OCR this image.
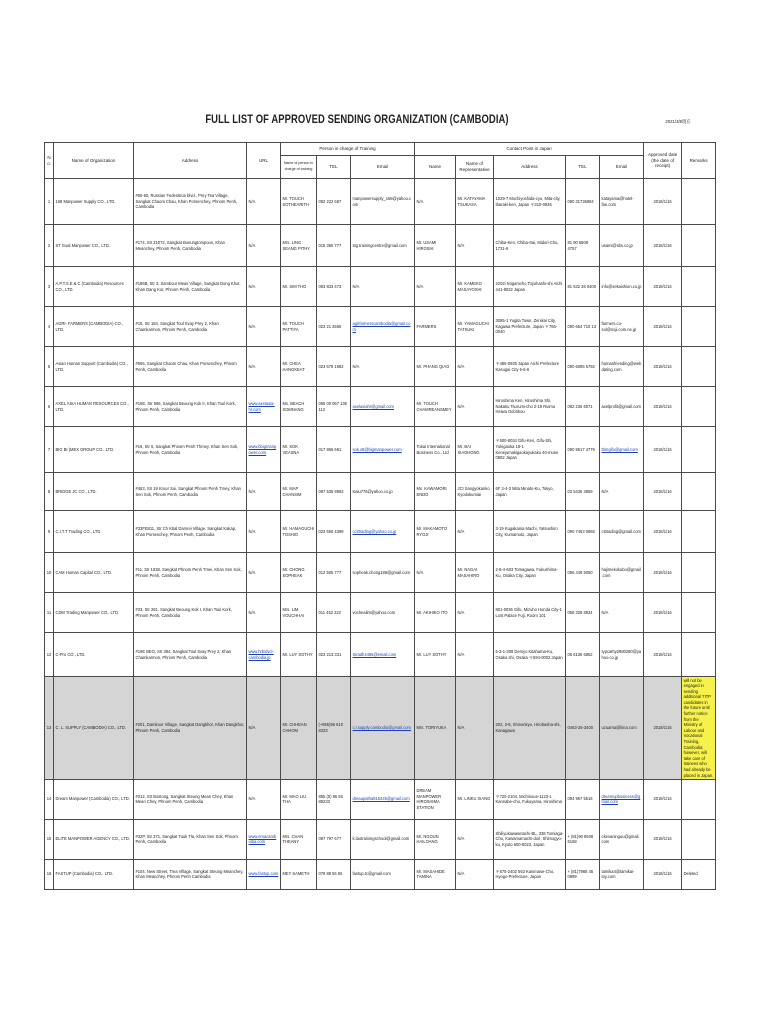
FULL LIST OF APPROVED SENDING ORGANIZATION (CAMBODIA)	2021/3/9現在
No.	Name of Organization	Address	URL	Person in charge of Training			Contact Point in Japan					Approved date (the date of receipt)	Remarks
				Name of person in charge of training	TEL	Email	Name	Name of Representative	Address	TEL	Email		

1	168 Manpower Supply CO., LTD.	#50-60, Russian Federation blvd., Prey Tea Village, Sangkat Chaom Chau, Khan Porsenchey, Phnom Penh, Cambodia	N/A	Mr. TOUCH SOTHEARITH	092 222 687	manpowersupply_168@yahoo.com	N/A	Mr. KATAYAMA TSUKASA	1029-7 Mochiyoshida-cyo, Mita-city, Ibaraki-ken, Japan 〒310-0836	080 31736884	katayama@hotel-fan.com	2018/1/16	
2	ST Goal Manpower CO., LTD.	#174, Str 21072, Sangkat Boeungtompoun, Khan Meanchey, Phnom Penh, Cambodia	N/A	Mrs. LING SEANG PITHY	015 365 777	stg.trainingcentre@gmail.com	Mr. USAMI HIROSHI	N/A	Chiba-Ken, Chiba-Sai, Midori-Chu, 1731-6	81 90 5808 4757	usami@sbs.co.jp	2018/1/16	
3	A.P.T.S.E & C (Cambodia) Resources CO., LTD.	#186B, Str 3, Sambour Meas Village, Sangkat Dong Khor, Khan Dang Kor, Phnom Penh, Cambodia	N/A	Mr. SIM THO	093 833 473	N/A	N/A	Mr. KAMEKO MASAYOSHI	2202i Nogamcho Toyohashi-shi Aichi 441-8022 Japan	81 532 36 0400	info@sekaishion.co.jp	2018/1/16	
4	AGRI- FARMERS (CAMBODIA) CO., LTD.	#15, Str 184, Sangkat Toul Svay Prey 2, Khan Chamkarmon, Phnom Penh, Cambodia	N/A	Mr. TOUCH PATTIYA	023 21 2566	agrifarmerscambodia@gmail.com	FARMERS	Mr. YAMAGUCHI TATSUKI	3085-1 Yugita Town, Zenikai City, Kagawa Prefecture, Japan 〒765-0040	090 664 710 13	farmers.co-sol@noji.com.ne.jp	2018/1/16	
5	Asian Human Support (Cambodia) CO., LTD.	#555, Sangkat Chaom Chau, Khan Porsenchey, Phnom Penh, Cambodia	N/A	Mr. CHEA HANGKEAT	023 678 1982	N/A	Mr. PHANG QIAO	N/A	〒486-0935 Japan Aichi Prefecture Kasugai City 6-6-6	090 6095 5792	humanfriending@webdating.com	2018/1/16	
6	AXEL ASIA HUMAN RESOURCES CO., LTD.	#16E, Str 596, Sangkat Beoung Kok II, Khan Toul Kork, Phnom Penh, Cambodia	www.axelasia-hr.com	Ms. BEACH SOMNANG	055 00 067 136 112	axelasiahr@gmail.com	Mr. TOUCH CHAMREANSMEY	N/A	Hiroshima Ken, Hiroshima Shi, Nakaku Tsurumi-cho 2-19 Ruimu Heiwa Odorikou	082 236 6071	axelprofit@gmail.com	2018/1/16	
7	BIG BI (MEX GROUP CO., LTD.	#16, Str 6, Sangkat Phnom Penh Thmey, Khan Sen Sok, Phnom Penh, Cambodia	www.bbigmanpower.com	Mr. SOK VEASNA	017 866 681	sok.v8@bigmanpower.com	Tokai International Business Co., Ltd	Mr. BAI XIAOHONG	〒500-8034 Gifu-Ken, Gifu-Shi, Yukigaoka 18-1 Kenejumakigaokayukaku 40-mune 0882 Japan	090 9617 4779	tbmgifu@gmail.com	2018/1/16	
8	BRIDGE JC CO., LTD.	#463, Str 19 Krour Sui, Sangkat Phnom Penh Tmey, Khan Sen Sok, Phnom Penh, Cambodia	N/A	Mr. MAP CHANSIM	097 535 9992	Kaiu776@yahoo.co.jp	Ms. KAWAMORI ENDO	JCI Sangyokanko Kyodokumiai	6F 3-4-3 Mita Minato-Ku, Tokyo, Japan	03 5436 3859	N/A	2018/1/16	
9	C.I.T.T Trading CO., LTD.	#33FE811, Str Ch Kbal Damrei Village, Sangkat Kakap, Khan Porsenchey, Phnom Penh, Cambodia	N/A	Mr. HAMAGUCHI TOSHIO	023 650 4398	ccittrading@yahoo.co.jp	Mr. MAKAMOTO RYOJI	N/A	3-19 Kugakama Machi, Yatsushiro City, Kumamoto, Japan	090 7463 0866	cittrading@gmail.com	2018/1/16	
10	CAM Human Capital CO., LTD.	#11, Str 1838, Sangkat Phnom Penh Tmei, Khan Sen Sok, Phnom Penh, Cambodia	N/A	Mr. CHONG SOPHEAK	012 505 777	sopheak.chong188@gmail.com	N/A	Mr. NAGAI MASAHIRO	2-8-4-603 Tomagawa, Fukushima-Ku, Osaka City, Japan	086 449 5050	hajimekokubo@gmail.com	2018/1/16	
11	CDM Trading Manpower CO., LTD.	#33, Str 281, Sangkat Beoung Kok I, Khan Toul Kork, Phnom Penh, Cambodia	N/A	Mrs. LIM VOUCHHAI	011 452 222	vochealim@yahoo.com	Mr. AKIHIKO ITO	N/A	801-0036 Gifu, Mizuho Honda City-1 Lost Palace Fuji, Room 101	058 328 8834	N/A	2018/1/16	
12	C-Pro CO., LTD.	#19E BEO, Str 384, Sangkat Toul Svay Prey 2, Khan Chamkarmon, Phnom Penh, Cambodia	www.hrbidvcl-cambodia.jp	Mr. LUY SOTHY	023 213 331	Siradh4455@email.com	Mr. LUY SOTHY	N/A	6-3-1-308 Demyo Kitahama-Ku, Osaka shi, Osaka 〒594-0002 Japan	06 6136 6862	typcathy2880280@yahoo.co.jp	2018/1/16	
13	C. L. SUPPLY (CAMBODIA) CO., LTD.	#201, Damkuor Village, Sangkat Dangkhor, Khan Dangkhor, Phnom Penh, Cambodia	N/A	Mr. CHHEAN CHHOM	(+855)96 610 8333	c.l.supply.cambodia@gmail.com	Mrs. TORIYUKA	N/A	202, 3-8, Shinonkyo, Hirobasha-shi, Kanagawa	0463-25-3400	uzuama@lima.com	2018/1/16	will not be engaged in sending additional TITP candidates in the future until further notice from the Ministry of Labour and Vocational Training, Cambodia; however, will take care of trainees who had already be placed in Japan.
14	Dream Manpower (Cambodia) CO., LTD.	#312, Str Bostong, Sangkat Steung Mean Chey, Khan Mean Chey, Phnom Penh, Cambodia	N/A	Mr. MAO LIU THA	855 (0) 96 56 89233	dreaupatha815345@gmail.com	DREAM MANPOWER HIROSHIMA STATION	Mr. LINKU XIANG	〒720-2104, Michinoue-1123-1 Kannabe-cho, Fukuyama, Hiroshima	084 967 5516	dreamupbusiness@gmail.com	2018/1/16	
15	ELITE MANPOWER AGENCY CO., LTD.	#32P, Str 371, Sangkat Tuuk Tla, Khan Sen Sok, Phnom Penh, Cambodia	www.emacambodia.com	Mrs. CHAN THEANY	087 797 677	k.laotrainingschool@gmail.com	Mr. NGOUN HAILOANG	N/A	Shiliyukawasetachi-BL, 338 Tomiaga-Cho, Kawamamachi-dori, Shimogyo-ku, Kyoto 600-8023, Japan	+ (81)90 8508 6168	ckevaninguu@gmail.com	2018/1/16	
16	FASTUP (Cambodia) CO., LTD.	#104, New Street, Trea Village, Sangkat Steung Meanchey, Khan Meanchey, Phnom Penh Cambodia	www.fastup.com	MEY SAMETH	078 88 56 56	fastup.tc@gmail.com	Mr. MASAHIDE TAMINA	N/A	〒675-2402 563 Kanimase-Cho, Hyogo-Prefecture, Japan	+ (81)7968 45 0989	tamika4@tamikai-toy.com	2018/1/16	Deleted
